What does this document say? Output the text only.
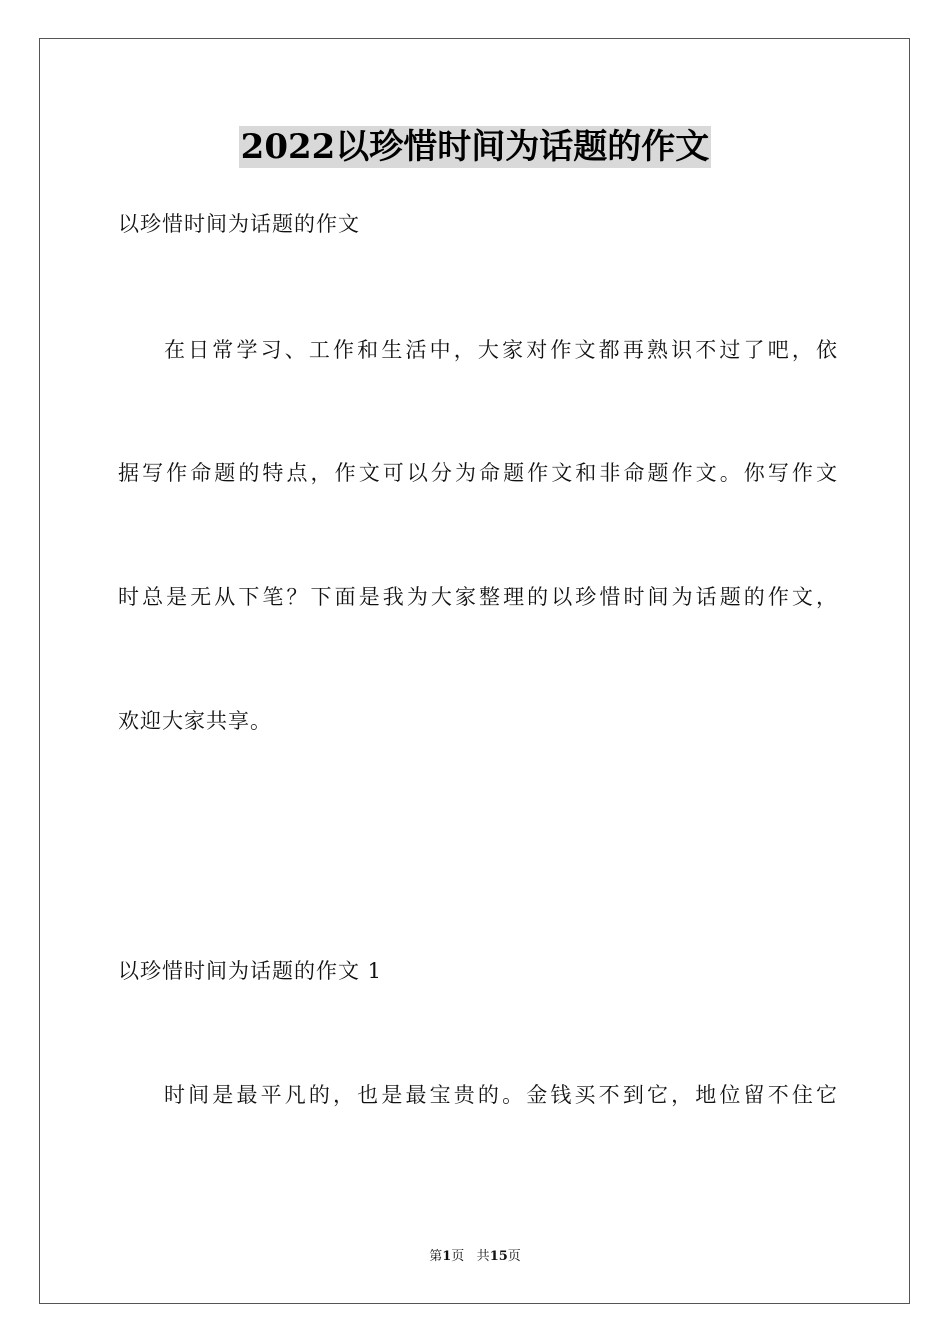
2022以珍惜时间为话题的作文
以珍惜时间为话题的作文
在日常学习、工作和生活中，大家对作文都再熟识不过了吧，依
据写作命题的特点，作文可以分为命题作文和非命题作文。你写作文
时总是无从下笔？下面是我为大家整理的以珍惜时间为话题的作文，
欢迎大家共享。
以珍惜时间为话题的作文 1
时间是最平凡的，也是最宝贵的。金钱买不到它，地位留不住它
第1页 共15页
